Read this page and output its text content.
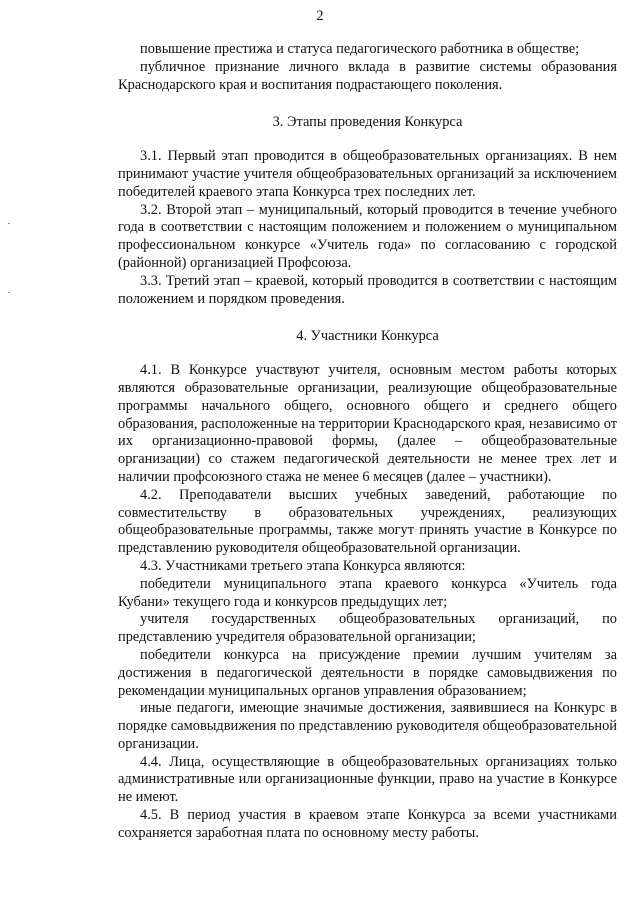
2

повышение престижа и статуса педагогического работника в обществе;

публичное признание личного вклада в развитие системы образования Краснодарского края и воспитания подрастающего поколения.

3. Этапы проведения Конкурса

3.1. Первый этап проводится в общеобразовательных организациях. В нем принимают участие учителя общеобразовательных организаций за исключением победителей краевого этапа Конкурса трех последних лет.

3.2. Второй этап – муниципальный, который проводится в течение учебного года в соответствии с настоящим положением и положением о муниципальном профессиональном конкурсе «Учитель года» по согласованию с городской (районной) организацией Профсоюза.

3.3. Третий этап – краевой, который проводится в соответствии с настоящим положением и порядком проведения.

4. Участники Конкурса

4.1. В Конкурсе участвуют учителя, основным местом работы которых являются образовательные организации, реализующие общеобразовательные программы начального общего, основного общего и среднего общего образования, расположенные на территории Краснодарского края, независимо от их организационно-правовой формы, (далее – общеобразовательные организации) со стажем педагогической деятельности не менее трех лет и наличии профсоюзного стажа не менее 6 месяцев (далее – участники).

4.2. Преподаватели высших учебных заведений, работающие по совместительству в образовательных учреждениях, реализующих общеобразовательные программы, также могут принять участие в Конкурсе по представлению руководителя общеобразовательной организации.

4.3. Участниками третьего этапа Конкурса являются:

победители муниципального этапа краевого конкурса «Учитель года Кубани» текущего года и конкурсов предыдущих лет;

учителя государственных общеобразовательных организаций, по представлению учредителя образовательной организации;

победители конкурса на присуждение премии лучшим учителям за достижения в педагогической деятельности в порядке самовыдвижения по рекомендации муниципальных органов управления образованием;

иные педагоги, имеющие значимые достижения, заявившиеся на Конкурс в порядке самовыдвижения по представлению руководителя общеобразовательной организации.

4.4. Лица, осуществляющие в общеобразовательных организациях только административные или организационные функции, право на участие в Конкурсе не имеют.

4.5. В период участия в краевом этапе Конкурса за всеми участниками сохраняется заработная плата по основному месту работы.
